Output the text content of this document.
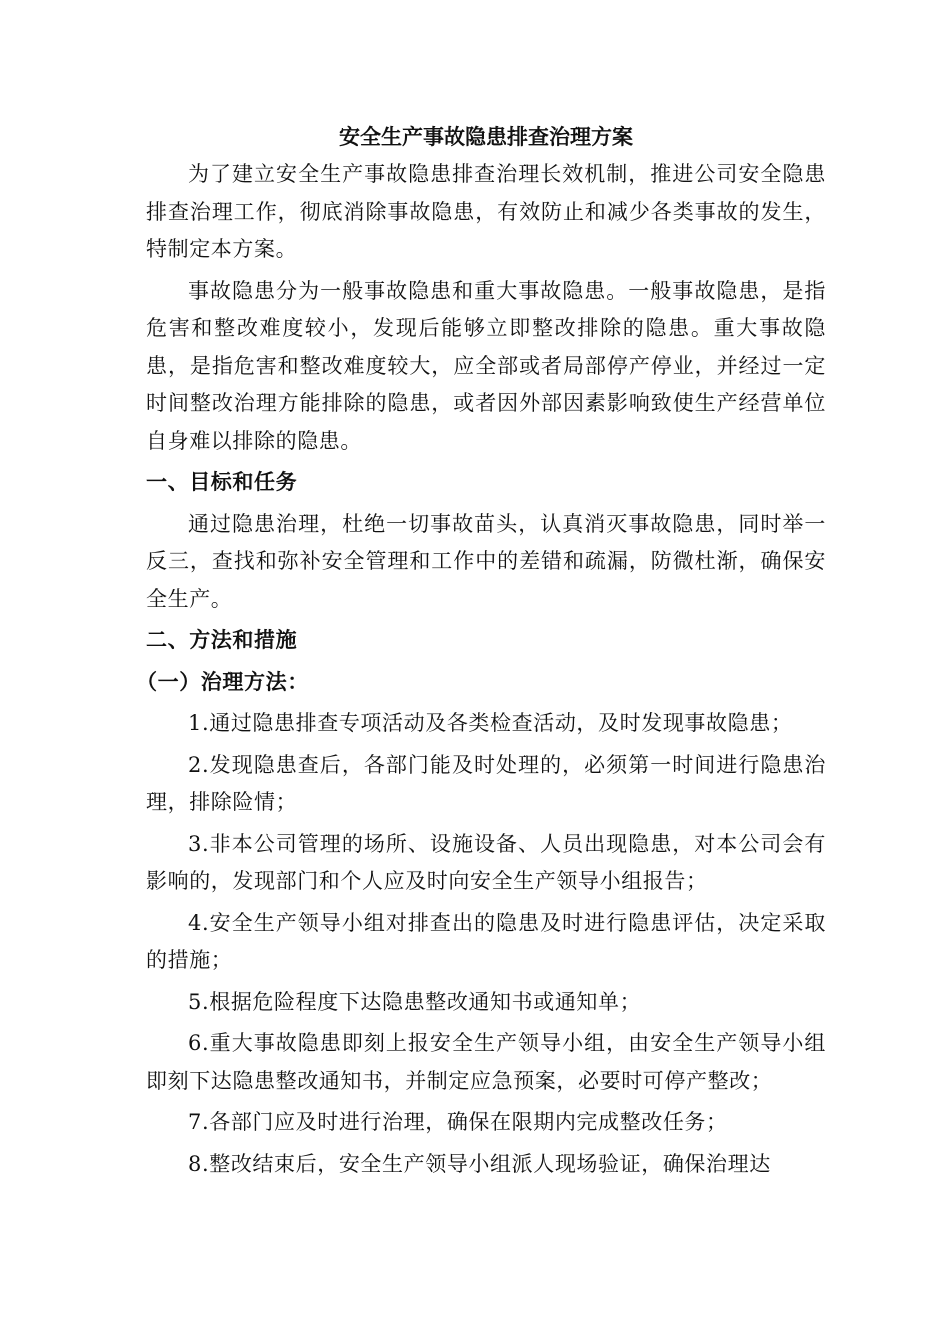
安全生产事故隐患排查治理方案

为了建立安全生产事故隐患排查治理长效机制，推进公司安全隐患排查治理工作，彻底消除事故隐患，有效防止和减少各类事故的发生，特制定本方案。

事故隐患分为一般事故隐患和重大事故隐患。一般事故隐患，是指危害和整改难度较小，发现后能够立即整改排除的隐患。重大事故隐患，是指危害和整改难度较大，应全部或者局部停产停业，并经过一定时间整改治理方能排除的隐患，或者因外部因素影响致使生产经营单位自身难以排除的隐患。

一、目标和任务

通过隐患治理，杜绝一切事故苗头，认真消灭事故隐患，同时举一反三，查找和弥补安全管理和工作中的差错和疏漏，防微杜渐，确保安全生产。

二、方法和措施

（一）治理方法：

1.通过隐患排查专项活动及各类检查活动，及时发现事故隐患；

2.发现隐患查后，各部门能及时处理的，必须第一时间进行隐患治理，排除险情；

3.非本公司管理的场所、设施设备、人员出现隐患，对本公司会有影响的，发现部门和个人应及时向安全生产领导小组报告；

4.安全生产领导小组对排查出的隐患及时进行隐患评估，决定采取的措施；

5.根据危险程度下达隐患整改通知书或通知单；

6.重大事故隐患即刻上报安全生产领导小组，由安全生产领导小组即刻下达隐患整改通知书，并制定应急预案，必要时可停产整改；

7.各部门应及时进行治理，确保在限期内完成整改任务；

8.整改结束后，安全生产领导小组派人现场验证，确保治理达
